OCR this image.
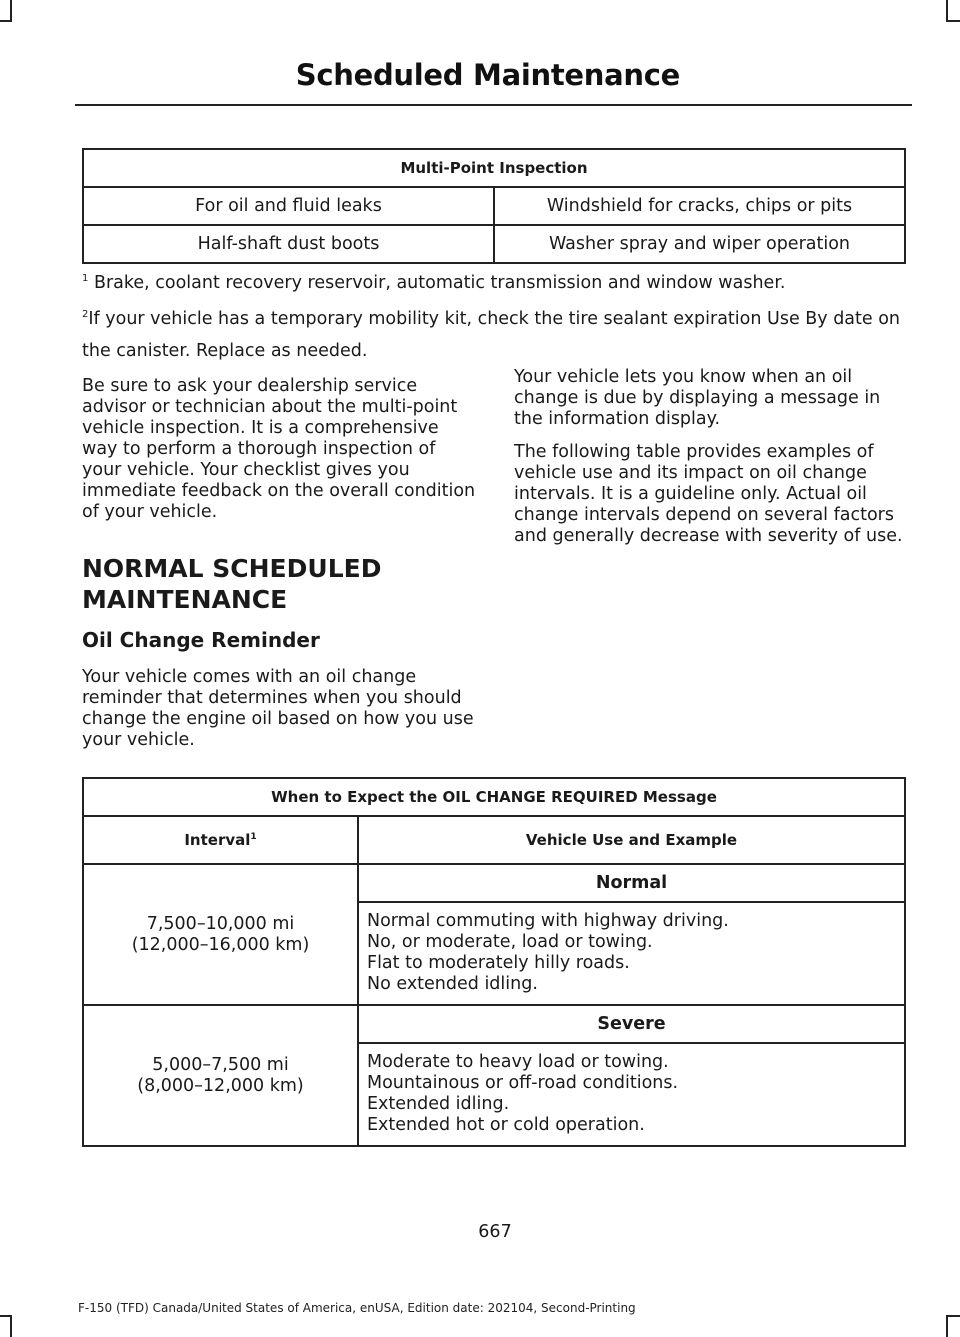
Scheduled Maintenance
Multi-Point Inspection	
For oil and fluid leaks	Windshield for cracks, chips or pits
Half-shaft dust boots	Washer spray and wiper operation
$^1$ Brake, coolant recovery reservoir, automatic transmission and window washer.
$^2$If your vehicle has a temporary mobility kit, check the tire sealant expiration Use By date on the canister. Replace as needed.

Be sure to ask your dealership service advisor or technician about the multi-point vehicle inspection. It is a comprehensive way to perform a thorough inspection of your vehicle. Your checklist gives you immediate feedback on the overall condition of your vehicle.

NORMAL SCHEDULED MAINTENANCE
Oil Change Reminder

Your vehicle comes with an oil change reminder that determines when you should change the engine oil based on how you use your vehicle.

Your vehicle lets you know when an oil change is due by displaying a message in the information display.

The following table provides examples of vehicle use and its impact on oil change intervals. It is a guideline only. Actual oil change intervals depend on several factors and generally decrease with severity of use.

When to Expect the OIL CHANGE REQUIRED Message	
Interval$^1$	Vehicle Use and Example

7,500–10,000 mi
(12,000–16,000 km)	Normal

	Normal commuting with highway driving.
No, or moderate, load or towing.
Flat to moderately hilly roads.
No extended idling.

5,000–7,500 mi
(8,000–12,000 km)	Severe

	Moderate to heavy load or towing.
Mountainous or off-road conditions.
Extended idling.
Extended hot or cold operation.
667
F-150 (TFD) Canada/United States of America, enUSA, Edition date: 202104, Second-Printing
